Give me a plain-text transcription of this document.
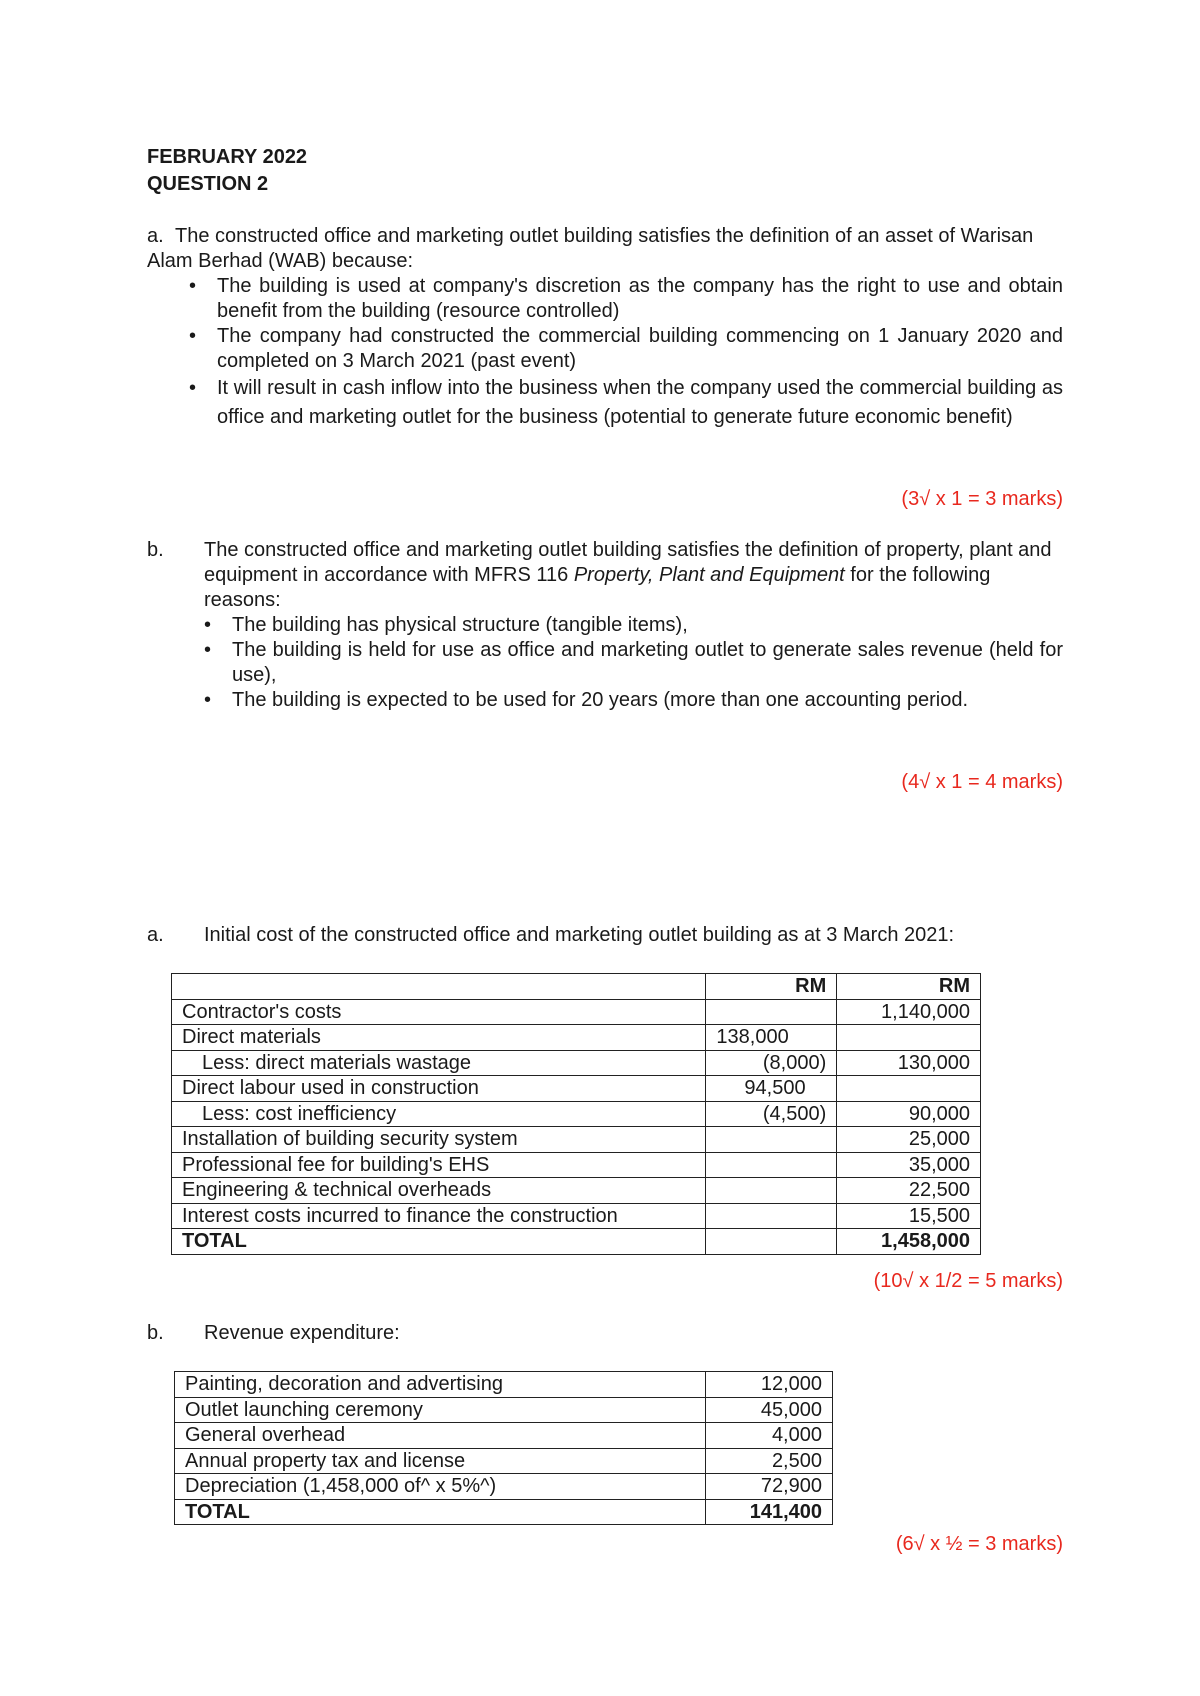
FEBRUARY 2022
QUESTION 2
a. The constructed office and marketing outlet building satisfies the definition of an asset of Warisan Alam Berhad (WAB) because:
• The building is used at company's discretion as the company has the right to use and obtain benefit from the building (resource controlled)
• The company had constructed the commercial building commencing on 1 January 2020 and completed on 3 March 2021 (past event)
• It will result in cash inflow into the business when the company used the commercial building as office and marketing outlet for the business (potential to generate future economic benefit)
(3√ x 1 = 3 marks)
b.	The constructed office and marketing outlet building satisfies the definition of property, plant and equipment in accordance with MFRS 116 Property, Plant and Equipment for the following reasons:
• The building has physical structure (tangible items),
• The building is held for use as office and marketing outlet to generate sales revenue (held for use),
• The building is expected to be used for 20 years (more than one accounting period.
(4√ x 1 = 4 marks)
a.	Initial cost of the constructed office and marketing outlet building as at 3 March 2021:
	RM	RM
Contractor's costs		1,140,000
Direct materials	138,000	
Less: direct materials wastage	(8,000)	130,000
Direct labour used in construction	94,500	
Less: cost inefficiency	(4,500)	90,000
Installation of building security system		25,000
Professional fee for building's EHS		35,000
Engineering & technical overheads		22,500
Interest costs incurred to finance the construction		15,500
TOTAL		1,458,000
(10√ x 1/2 = 5 marks)
b.	Revenue expenditure:
Painting, decoration and advertising	12,000
Outlet launching ceremony	45,000
General overhead	4,000
Annual property tax and license	2,500
Depreciation (1,458,000 of^ x 5%^)	72,900
TOTAL	141,400
(6√ x ½ = 3 marks)
